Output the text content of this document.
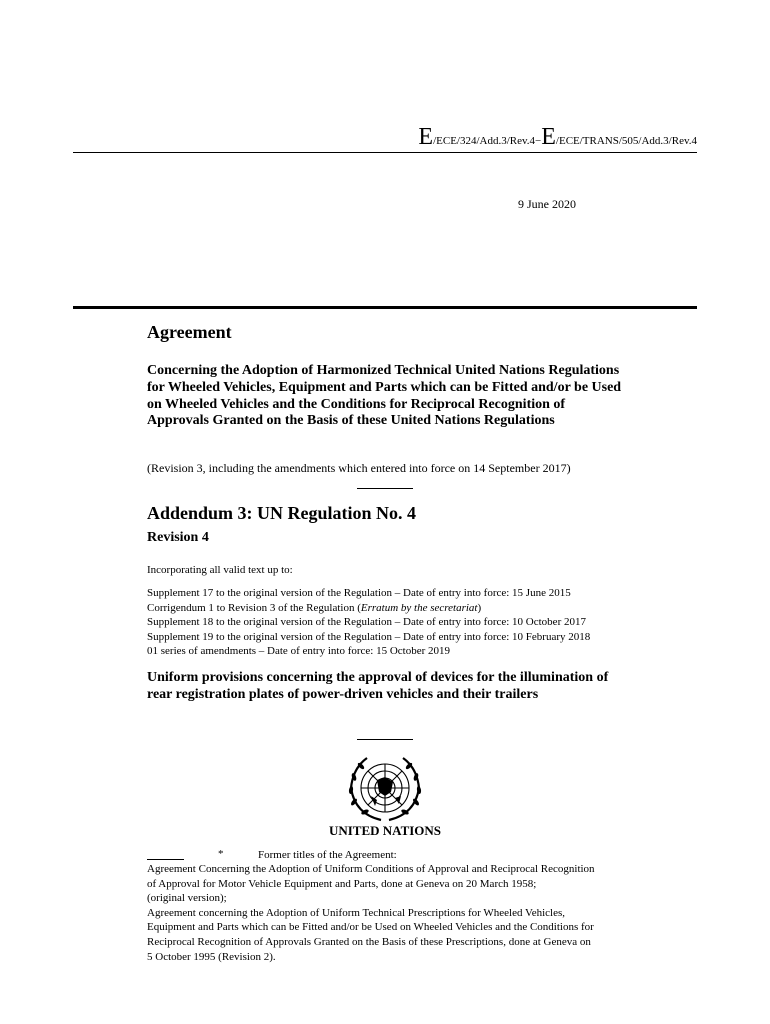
E/ECE/324/Add.3/Rev.4−E/ECE/TRANS/505/Add.3/Rev.4
9 June 2020
Agreement
Concerning the Adoption of Harmonized Technical United Nations Regulations for Wheeled Vehicles, Equipment and Parts which can be Fitted and/or be Used on Wheeled Vehicles and the Conditions for Reciprocal Recognition of Approvals Granted on the Basis of these United Nations Regulations
(Revision 3, including the amendments which entered into force on 14 September 2017)
Addendum 3: UN Regulation No. 4
Revision 4
Incorporating all valid text up to:
Supplement 17 to the original version of the Regulation – Date of entry into force: 15 June 2015
Corrigendum 1 to Revision 3 of the Regulation (Erratum by the secretariat)
Supplement 18 to the original version of the Regulation – Date of entry into force: 10 October 2017
Supplement 19 to the original version of the Regulation – Date of entry into force: 10 February 2018
01 series of amendments – Date of entry into force: 15 October 2019
Uniform provisions concerning the approval of devices for the illumination of rear registration plates of power-driven vehicles and their trailers
UNITED NATIONS
*	Former titles of the Agreement:
Agreement Concerning the Adoption of Uniform Conditions of Approval and Reciprocal Recognition
of Approval for Motor Vehicle Equipment and Parts, done at Geneva on 20 March 1958;
(original version);
Agreement concerning the Adoption of Uniform Technical Prescriptions for Wheeled Vehicles,
Equipment and Parts which can be Fitted and/or be Used on Wheeled Vehicles and the Conditions for
Reciprocal Recognition of Approvals Granted on the Basis of these Prescriptions, done at Geneva on
5 October 1995 (Revision 2).
